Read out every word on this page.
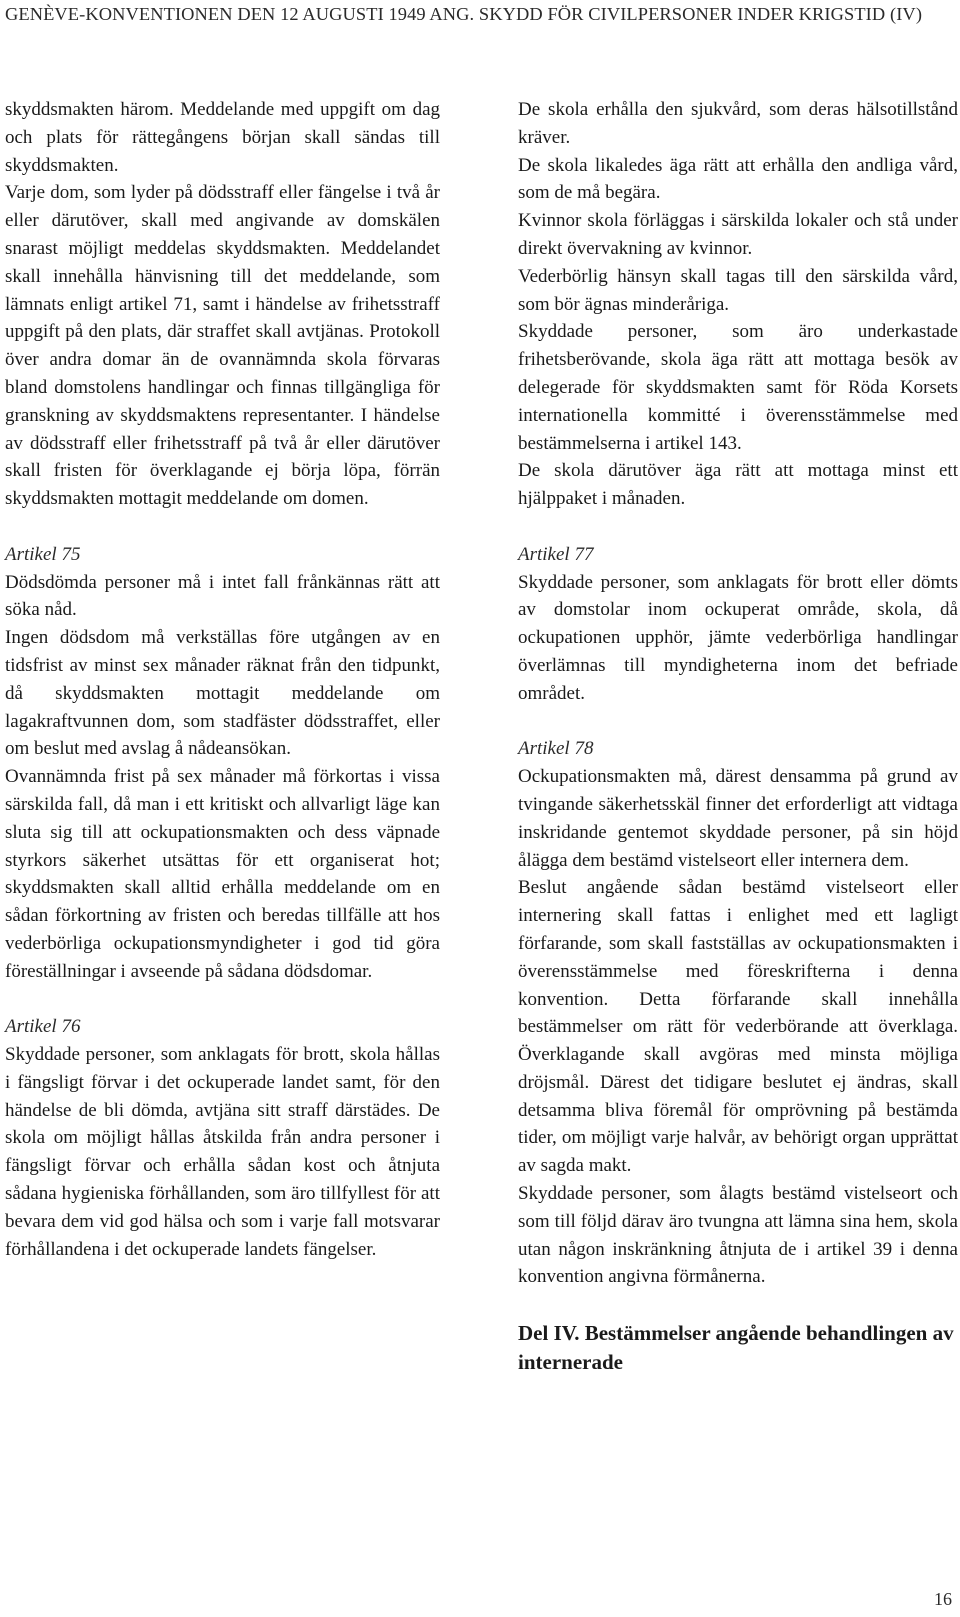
GENÈVE-KONVENTIONEN DEN 12 AUGUSTI 1949 ANG. SKYDD FÖR CIVILPERSONER INDER KRIGSTID (IV)

skyddsmakten härom. Meddelande med uppgift om dag och plats för rättegångens början skall sändas till skyddsmakten.

Varje dom, som lyder på dödsstraff eller fängelse i två år eller därutöver, skall med angivande av domskälen snarast möjligt meddelas skyddsmakten. Meddelandet skall innehålla hänvisning till det meddelande, som lämnats enligt artikel 71, samt i händelse av frihetsstraff uppgift på den plats, där straffet skall avtjänas. Protokoll över andra domar än de ovannämnda skola förvaras bland domstolens handlingar och finnas tillgängliga för granskning av skyddsmaktens representanter. I händelse av dödsstraff eller frihetsstraff på två år eller därutöver skall fristen för överklagande ej börja löpa, förrän skyddsmakten mottagit meddelande om domen.

Artikel 75

Dödsdömda personer må i intet fall frånkännas rätt att söka nåd.

Ingen dödsdom må verkställas före utgången av en tidsfrist av minst sex månader räknat från den tidpunkt, då skyddsmakten mottagit meddelande om lagakraftvunnen dom, som stadfäster dödsstraffet, eller om beslut med avslag å nådeansökan.

Ovannämnda frist på sex månader må förkortas i vissa särskilda fall, då man i ett kritiskt och allvarligt läge kan sluta sig till att ockupationsmakten och dess väpnade styrkors säkerhet utsättas för ett organiserat hot; skyddsmakten skall alltid erhålla meddelande om en sådan förkortning av fristen och beredas tillfälle att hos vederbörliga ockupationsmyndigheter i god tid göra föreställningar i avseende på sådana dödsdomar.

Artikel 76

Skyddade personer, som anklagats för brott, skola hållas i fängsligt förvar i det ockuperade landet samt, för den händelse de bli dömda, avtjäna sitt straff därstädes. De skola om möjligt hållas åtskilda från andra personer i fängsligt förvar och erhålla sådan kost och åtnjuta sådana hygieniska förhållanden, som äro tillfyllest för att bevara dem vid god hälsa och som i varje fall motsvarar förhållandena i det ockuperade landets fängelser.

De skola erhålla den sjukvård, som deras hälsotillstånd kräver.

De skola likaledes äga rätt att erhålla den andliga vård, som de må begära.

Kvinnor skola förläggas i särskilda lokaler och stå under direkt övervakning av kvinnor.

Vederbörlig hänsyn skall tagas till den särskilda vård, som bör ägnas minderåriga.

Skyddade personer, som äro underkastade frihetsberövande, skola äga rätt att mottaga besök av delegerade för skyddsmakten samt för Röda Korsets internationella kommitté i överensstämmelse med bestämmelserna i artikel 143.

De skola därutöver äga rätt att mottaga minst ett hjälppaket i månaden.

Artikel 77

Skyddade personer, som anklagats för brott eller dömts av domstolar inom ockuperat område, skola, då ockupationen upphör, jämte vederbörliga handlingar överlämnas till myndigheterna inom det befriade området.

Artikel 78

Ockupationsmakten må, därest densamma på grund av tvingande säkerhetsskäl finner det erforderligt att vidtaga inskridande gentemot skyddade personer, på sin höjd ålägga dem bestämd vistelseort eller internera dem.

Beslut angående sådan bestämd vistelseort eller internering skall fattas i enlighet med ett lagligt förfarande, som skall fastställas av ockupationsmakten i överensstämmelse med föreskrifterna i denna konvention. Detta förfarande skall innehålla bestämmelser om rätt för vederbörande att överklaga. Överklagande skall avgöras med minsta möjliga dröjsmål. Därest det tidigare beslutet ej ändras, skall detsamma bliva föremål för omprövning på bestämda tider, om möjligt varje halvår, av behörigt organ upprättat av sagda makt.

Skyddade personer, som ålagts bestämd vistelseort och som till följd därav äro tvungna att lämna sina hem, skola utan någon inskränkning åtnjuta de i artikel 39 i denna konvention angivna förmånerna.

Del IV. Bestämmelser angående behandlingen av internerade

16
